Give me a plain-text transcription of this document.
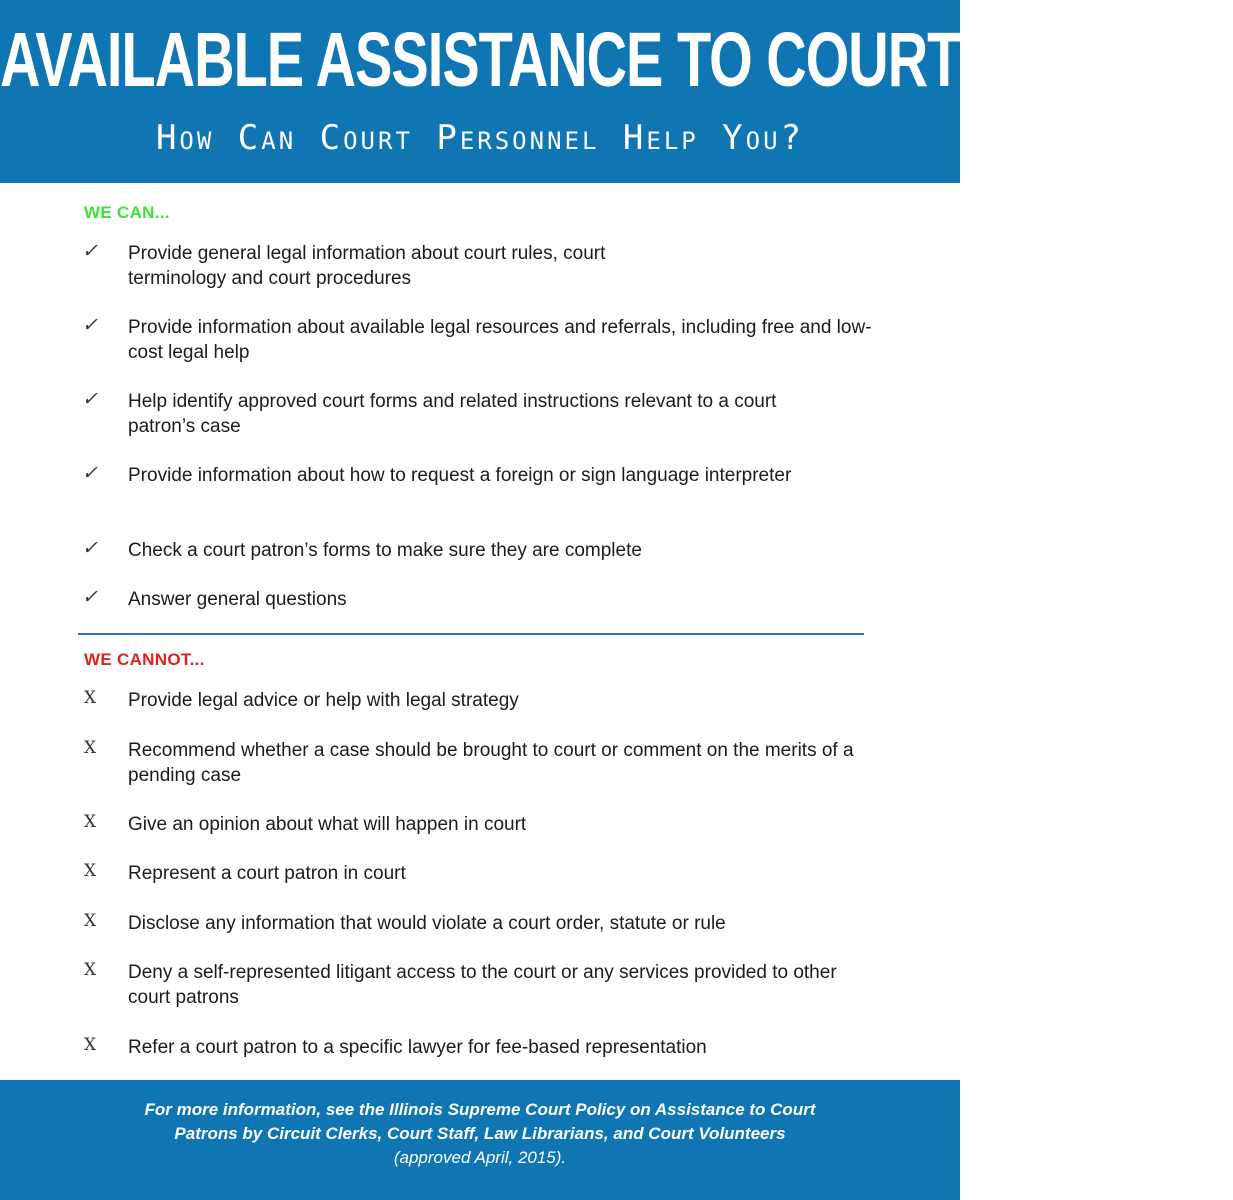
AVAILABLE ASSISTANCE TO COURT PATRONS
How Can Court Personnel Help You?
WE CAN...
✓ Provide general legal information about court rules, court terminology and court procedures
✓ Provide information about available legal resources and referrals, including free and low-cost legal help
✓ Help identify approved court forms and related instructions relevant to a court patron’s case
✓ Provide information about how to request a foreign or sign language interpreter
✓ Check a court patron’s forms to make sure they are complete
✓ Answer general questions
WE CANNOT...
X Provide legal advice or help with legal strategy
X Recommend whether a case should be brought to court or comment on the merits of a pending case
X Give an opinion about what will happen in court
X Represent a court patron in court
X Disclose any information that would violate a court order, statute or rule
X Deny a self-represented litigant access to the court or any services provided to other court patrons
X Refer a court patron to a specific lawyer for fee-based representation
For more information, see the Illinois Supreme Court Policy on Assistance to Court
Patrons by Circuit Clerks, Court Staff, Law Librarians, and Court Volunteers
(approved April, 2015).
